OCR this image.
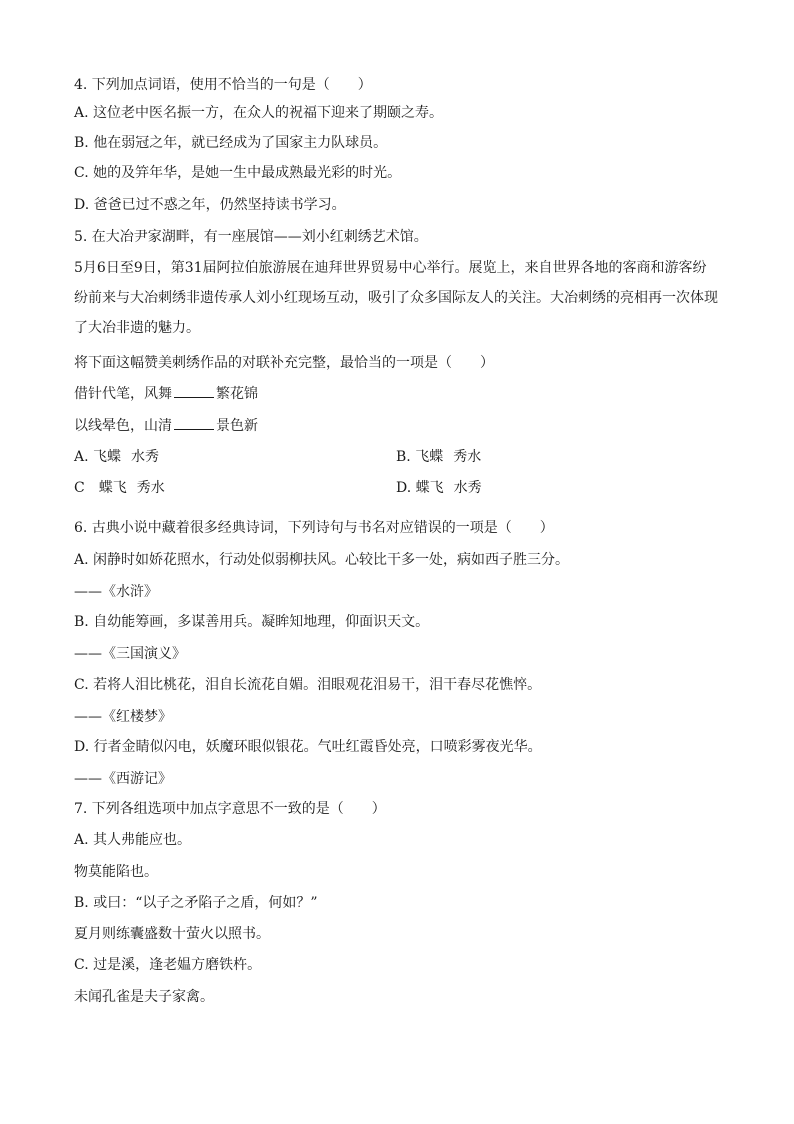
4. 下列加点词语，使用不恰当的一句是（　　）
A. 这位老中医名振一方，在众人的祝福下迎来了期颐之寿。
B. 他在弱冠之年，就已经成为了国家主力队球员。
C. 她的及笄年华，是她一生中最成熟最光彩的时光。
D. 爸爸已过不惑之年，仍然坚持读书学习。
5. 在大冶尹家湖畔，有一座展馆——刘小红刺绣艺术馆。
5月6日至9日，第31届阿拉伯旅游展在迪拜世界贸易中心举行。展览上，来自世界各地的客商和游客纷纷前来与大冶刺绣非遗传承人刘小红现场互动，吸引了众多国际友人的关注。大冶刺绣的亮相再一次体现了大冶非遗的魅力。
将下面这幅赞美刺绣作品的对联补充完整，最恰当的一项是（　　）
借针代笔，风舞	繁花锦
以线晕色，山清	景色新
A. 飞蝶 水秀	B. 飞蝶 秀水
C　蝶飞 秀水	D. 蝶飞 水秀
6. 古典小说中藏着很多经典诗词，下列诗句与书名对应错误的一项是（　　）
A. 闲静时如娇花照水，行动处似弱柳扶风。心较比干多一处，病如西子胜三分。
——《水浒》
B. 自幼能筹画，多谋善用兵。凝眸知地理，仰面识天文。
——《三国演义》
C. 若将人泪比桃花，泪自长流花自媚。泪眼观花泪易干，泪干春尽花憔悴。
——《红楼梦》
D. 行者金睛似闪电，妖魔环眼似银花。气吐红霞昏处亮，口喷彩雾夜光华。
——《西游记》
7. 下列各组选项中加点字意思不一致的是（　　）
A. 其人弗能应也。
物莫能陷也。
B. 或曰：“以子之矛陷子之盾，何如？”
夏月则练囊盛数十萤火以照书。
C. 过是溪，逢老媪方磨铁杵。
未闻孔雀是夫子家禽。
